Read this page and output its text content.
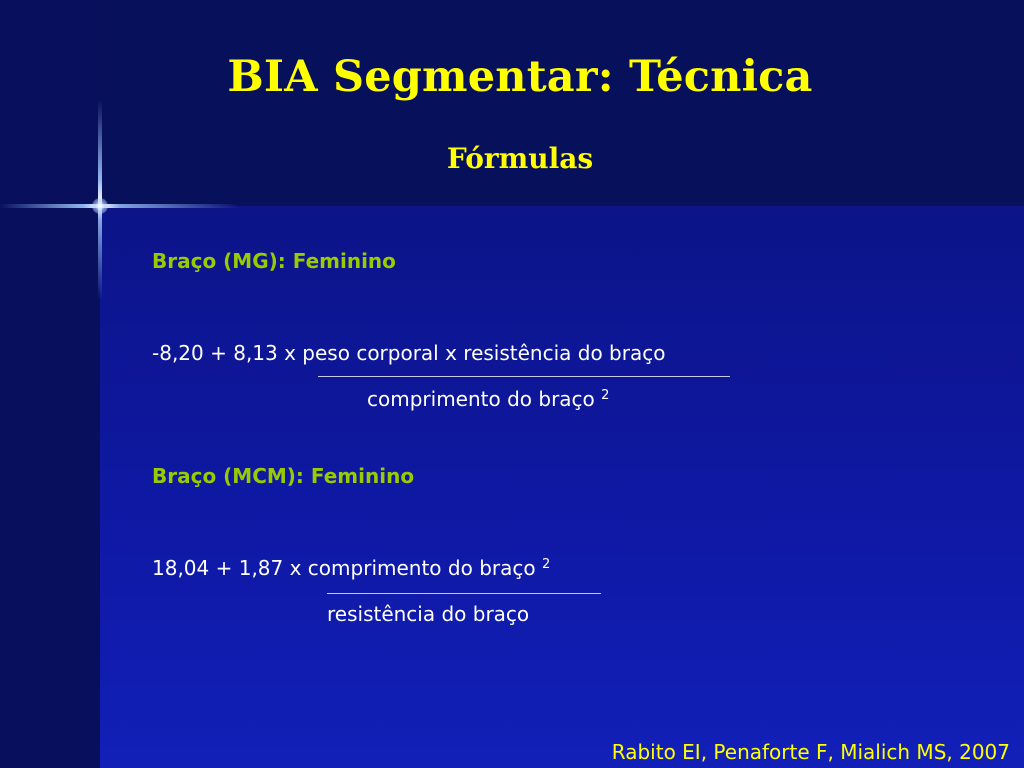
BIA Segmentar: Técnica
Fórmulas
Braço (MG): Feminino
-8,20 + 8,13 x peso corporal x resistência do braço
comprimento do braço $^2$
Braço (MCM): Feminino
18,04 + 1,87 x comprimento do braço $^2$
resistência do braço
Rabito EI, Penaforte F, Mialich MS, 2007
